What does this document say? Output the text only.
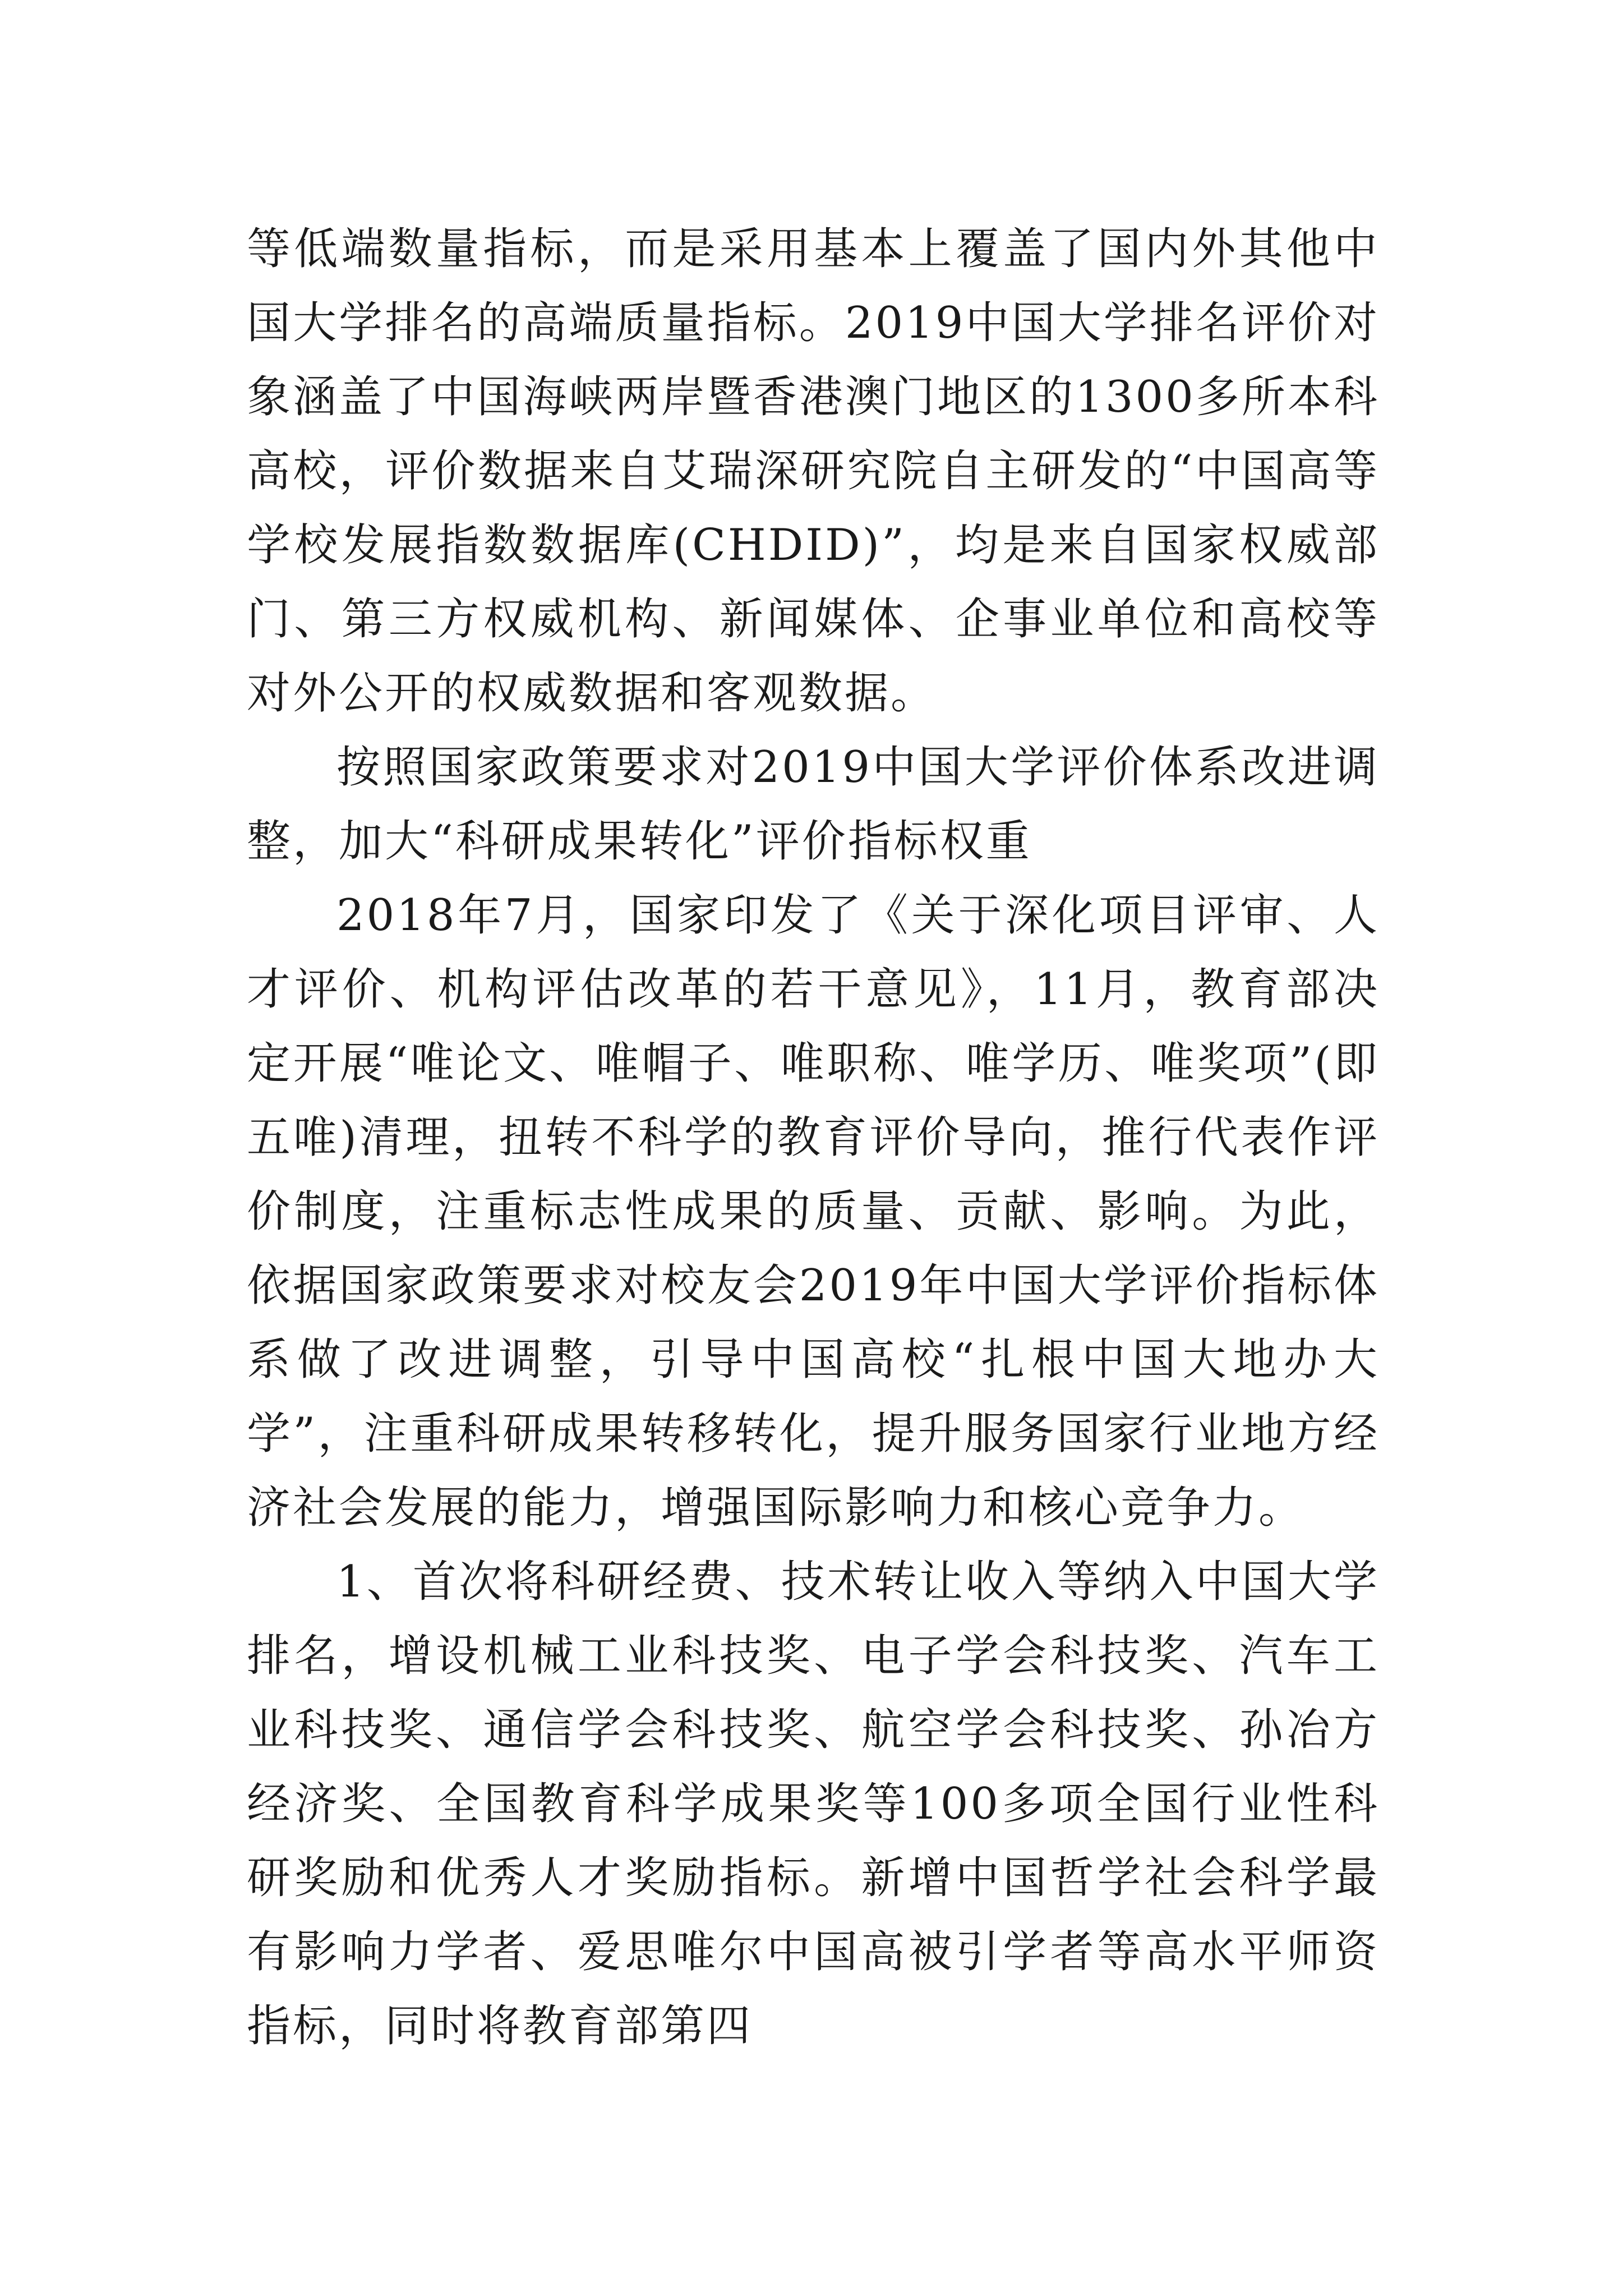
等低端数量指标，而是采用基本上覆盖了国内外其他中国大学排名的高端质量指标。2019中国大学排名评价对象涵盖了中国海峡两岸暨香港澳门地区的1300多所本科高校，评价数据来自艾瑞深研究院自主研发的“中国高等学校发展指数数据库(CHDID)”，均是来自国家权威部门、第三方权威机构、新闻媒体、企事业单位和高校等对外公开的权威数据和客观数据。

按照国家政策要求对2019中国大学评价体系改进调整，加大“科研成果转化”评价指标权重

2018年7月，国家印发了《关于深化项目评审、人才评价、机构评估改革的若干意见》，11月，教育部决定开展“唯论文、唯帽子、唯职称、唯学历、唯奖项”(即五唯)清理，扭转不科学的教育评价导向，推行代表作评价制度，注重标志性成果的质量、贡献、影响。为此，依据国家政策要求对校友会2019年中国大学评价指标体系做了改进调整，引导中国高校“扎根中国大地办大学”，注重科研成果转移转化，提升服务国家行业地方经济社会发展的能力，增强国际影响力和核心竞争力。

1、首次将科研经费、技术转让收入等纳入中国大学排名，增设机械工业科技奖、电子学会科技奖、汽车工业科技奖、通信学会科技奖、航空学会科技奖、孙冶方经济奖、全国教育科学成果奖等100多项全国行业性科研奖励和优秀人才奖励指标。新增中国哲学社会科学最有影响力学者、爱思唯尔中国高被引学者等高水平师资指标，同时将教育部第四
